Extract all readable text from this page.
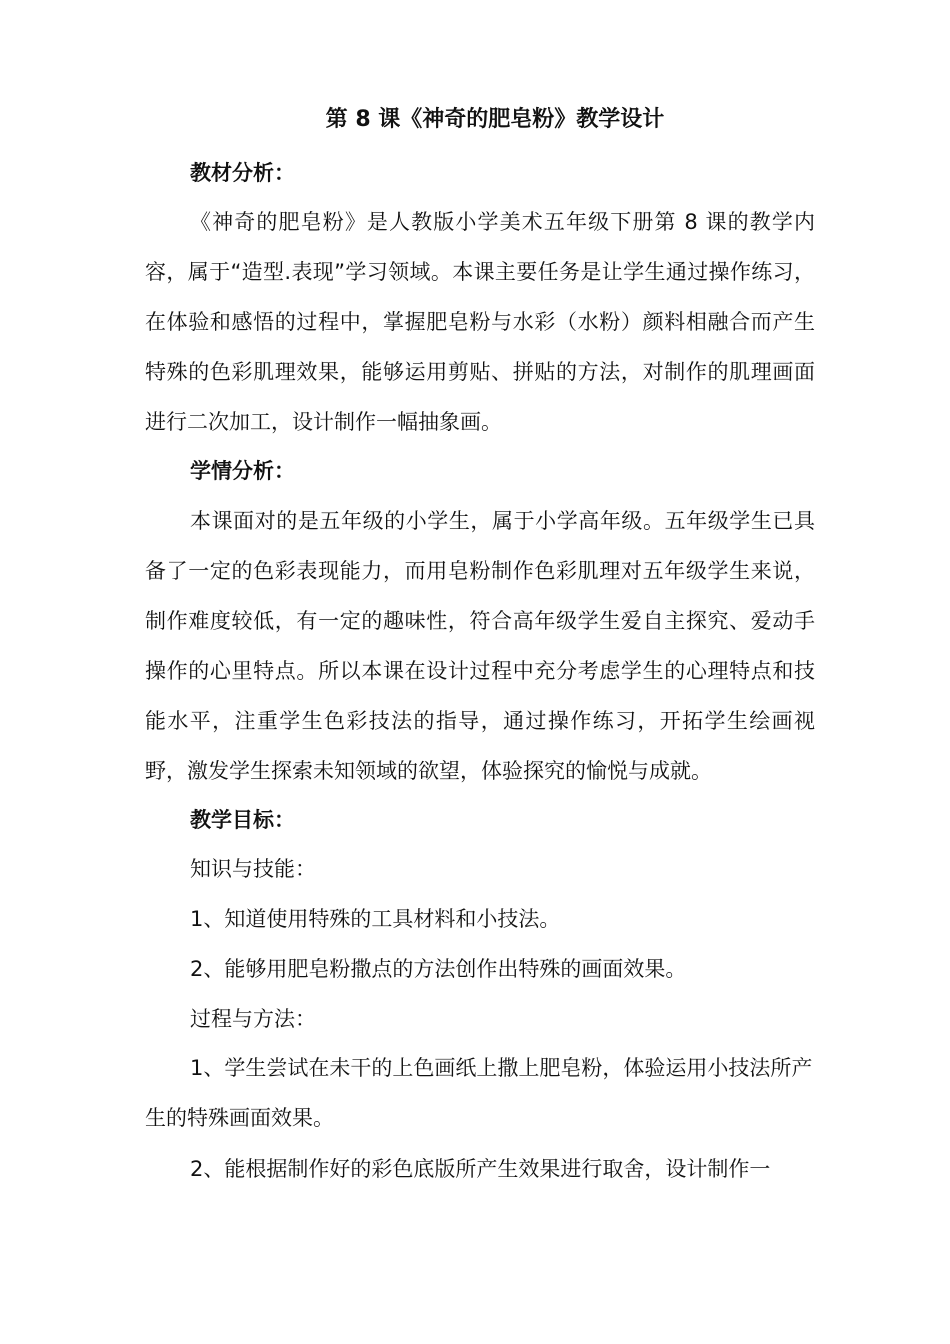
第 8 课《神奇的肥皂粉》教学设计
教材分析：
《神奇的肥皂粉》是人教版小学美术五年级下册第 8 课的教学内容，属于“造型.表现”学习领域。本课主要任务是让学生通过操作练习，在体验和感悟的过程中，掌握肥皂粉与水彩（水粉）颜料相融合而产生特殊的色彩肌理效果，能够运用剪贴、拼贴的方法，对制作的肌理画面进行二次加工，设计制作一幅抽象画。
学情分析：
本课面对的是五年级的小学生，属于小学高年级。五年级学生已具备了一定的色彩表现能力，而用皂粉制作色彩肌理对五年级学生来说，制作难度较低，有一定的趣味性，符合高年级学生爱自主探究、爱动手操作的心里特点。所以本课在设计过程中充分考虑学生的心理特点和技能水平，注重学生色彩技法的指导，通过操作练习，开拓学生绘画视野，激发学生探索未知领域的欲望，体验探究的愉悦与成就。
教学目标：
知识与技能：
1、知道使用特殊的工具材料和小技法。
2、能够用肥皂粉撒点的方法创作出特殊的画面效果。
过程与方法：
1、学生尝试在未干的上色画纸上撒上肥皂粉，体验运用小技法所产生的特殊画面效果。
2、能根据制作好的彩色底版所产生效果进行取舍，设计制作一
